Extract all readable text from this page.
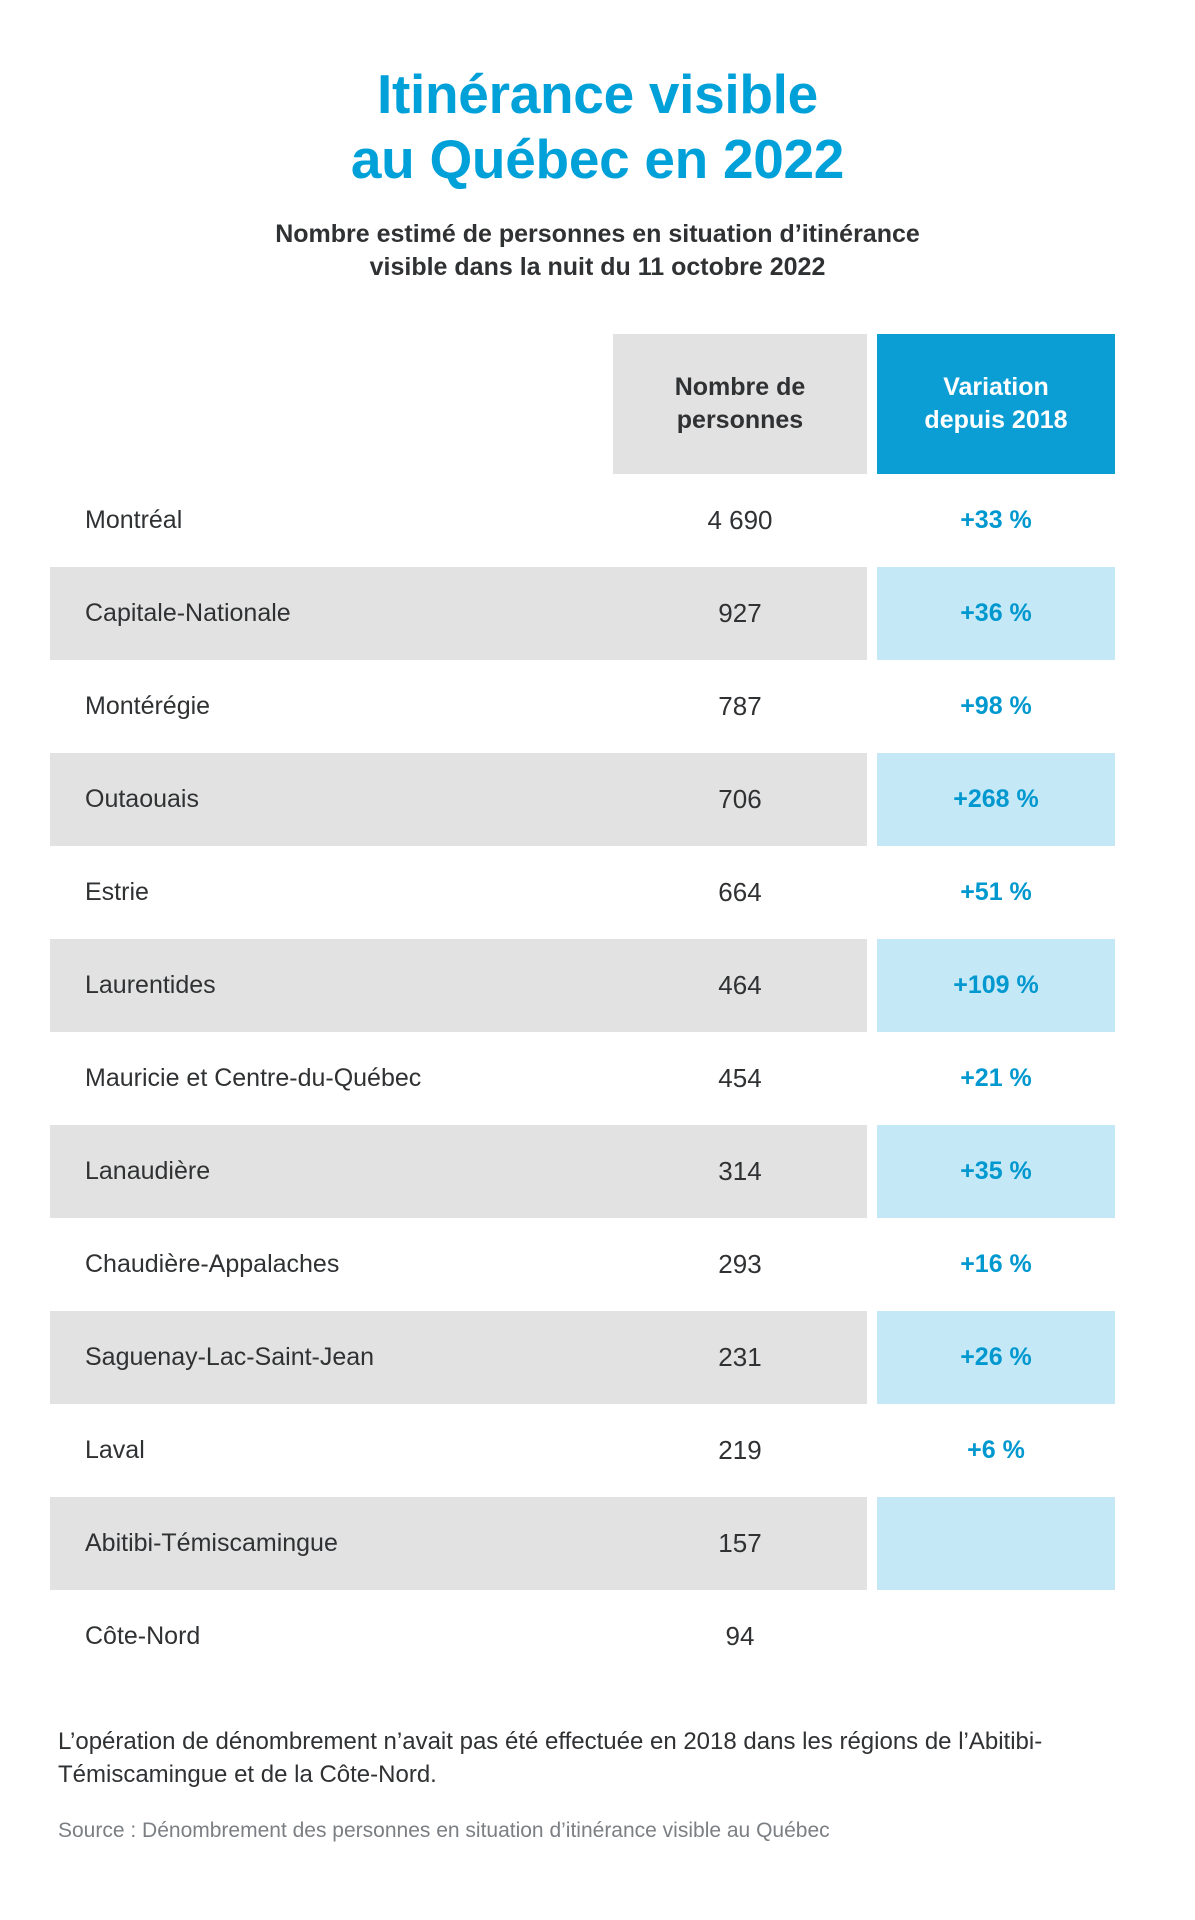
Itinérance visible
au Québec en 2022

Nombre estimé de personnes en situation d’itinérance
visible dans la nuit du 11 octobre 2022

Nombre de
personnes
Variation
depuis 2018
Montréal	4 690	+33 %
Capitale-Nationale	927	+36 %
Montérégie	787	+98 %
Outaouais	706	+268 %
Estrie	664	+51 %
Laurentides	464	+109 %
Mauricie et Centre-du-Québec	454	+21 %
Lanaudière	314	+35 %
Chaudière-Appalaches	293	+16 %
Saguenay-Lac-Saint-Jean	231	+26 %
Laval	219	+6 %
Abitibi-Témiscamingue	157
Côte-Nord	94

L’opération de dénombrement n’avait pas été effectuée en 2018 dans les régions de l’Abitibi-Témiscamingue et de la Côte-Nord.

Source : Dénombrement des personnes en situation d’itinérance visible au Québec
